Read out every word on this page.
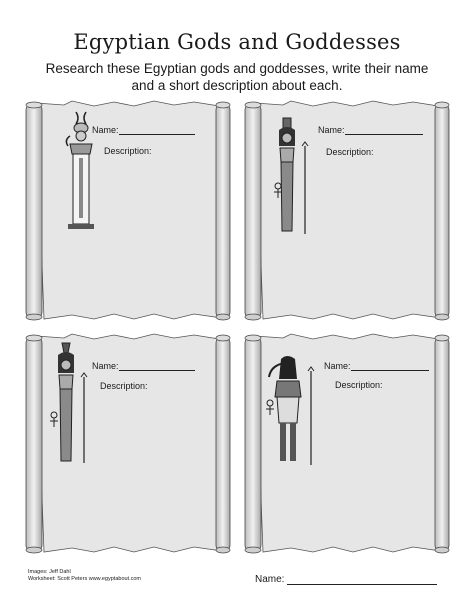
Egyptian Gods and Goddesses
Research these Egyptian gods and goddesses, write their name
and a short description about each.
Name:
Description:
Name:
Description:
Name:
Description:
Name:
Description:
Images: Jeff Dahl
Worksheet: Scott Peters www.egyptabout.com	Name:
